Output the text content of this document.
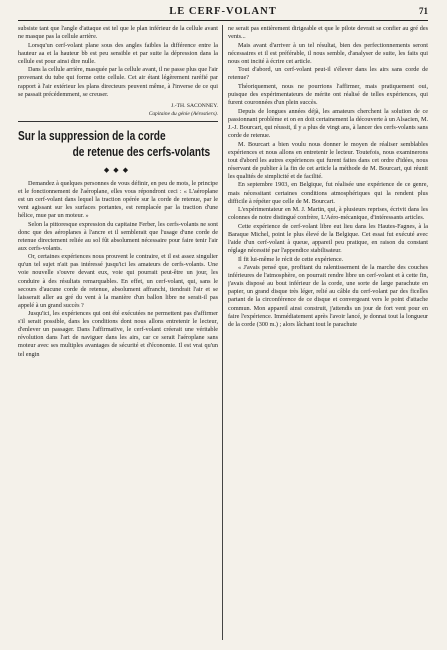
LE CERF-VOLANT	71

subsiste tant que l'angle d'attaque est tel que le plan inférieur de la cellule avant ne masque pas la cellule arrière.

Lorsqu'un cerf-volant plane sous des angles faibles la différence entre la hauteur aa et la hauteur bb est peu sensible et par suite la dépression dans la cellule est pour ainsi dire nulle.

Dans la cellule arrière, masquée par la cellule avant, il ne passe plus que l'air provenant du tube qui forme cette cellule. Cet air étant légèrement raréfié par rapport à l'air extérieur les plans directeurs peuvent même, à l'inverse de ce qui se passait précédemment, se creuser.

J.-TH. SACONNEY.
Capitaine du génie (Aérostiers).
Sur la suppression de la corde
de retenue des cerfs-volants
◆◆◆

Demandez à quelques personnes de vous définir, en peu de mots, le principe et le fonctionnement de l'aéroplane, elles vous répondront ceci : « L'aéroplane est un cerf-volant dans lequel la traction opérée sur la corde de retenue, par le vent agissant sur les surfaces portantes, est remplacée par la traction d'une hélice, mue par un moteur. »

Selon la pittoresque expression du capitaine Ferber, les cerfs-volants ne sont donc que des aéroplanes à l'ancre et il semblerait que l'usage d'une corde de retenue directement reliée au sol fût absolument nécessaire pour faire tenir l'air aux cerfs-volants.

Or, certaines expériences nous prouvent le contraire, et il est assez singulier qu'un tel sujet n'ait pas intéressé jusqu'ici les amateurs de cerfs-volants. Une voie nouvelle s'ouvre devant eux, voie qui pourrait peut-être un jour, les conduire à des résultats remarquables. En effet, un cerf-volant, qui, sans le secours d'aucune corde de retenue, absolument affranchi, tiendrait l'air et se laisserait aller au gré du vent à la manière d'un ballon libre ne serait-il pas appelé à un grand succès ?

Jusqu'ici, les expériences qui ont été exécutées ne permettent pas d'affirmer s'il serait possible, dans les conditions dont nous allons entretenir le lecteur, d'enlever un passager. Dans l'affirmative, le cerf-volant créerait une véritable révolution dans l'art de naviguer dans les airs, car ce serait l'aéroplane sans moteur avec ses multiples avantages de sécurité et d'économie. Il est vrai qu'un tel engin

ne serait pas entièrement dirigeable et que le pilote devrait se confier au gré des vents...

Mais avant d'arriver à un tel résultat, bien des perfectionnements seront nécessaires et il est préférable, il nous semble, d'analyser de suite, les faits qui nous ont incité à écrire cet article.

Tout d'abord, un cerf-volant peut-il s'élever dans les airs sans corde de retenue?

Théoriquement, nous ne pourrions l'affirmer, mais pratiquement oui, puisque des expérimentateurs de mérite ont réalisé de telles expériences, qui furent couronnées d'un plein succès.

Depuis de longues années déjà, les amateurs cherchent la solution de ce passionnant problème et on en doit certainement la découverte à un Alsacien, M. J.-J. Bourcart, qui réussit, il y a plus de vingt ans, à lancer des cerfs-volants sans corde de retenue.

M. Bourcart a bien voulu nous donner le moyen de réaliser semblables expériences et nous allons en entretenir le lecteur. Toutefois, nous examinerons tout d'abord les autres expériences qui furent faites dans cet ordre d'idées, nous réservant de publier à la fin de cet article la méthode de M. Bourcart, qui réunit les qualités de simplicité et de facilité.

En septembre 1903, en Belgique, fut réalisée une expérience de ce genre, mais nécessitant certaines conditions atmosphériques qui la rendent plus difficile à répéter que celle de M. Bourcart.

L'expérimentateur en M. J. Martin, qui, à plusieurs reprises, écrivit dans les colonnes de notre distingué confrère, L'Aéro-mécanique, d'intéressants articles.

Cette expérience de cerf-volant libre eut lieu dans les Hautes-Fagnes, à la Baraque Michel, point le plus élevé de la Belgique. Cet essai fut exécuté avec l'aide d'un cerf-volant à queue, appareil peu pratique, en raison du constant réglage nécessité par l'appendice stabilisateur.

Il fit lui-même le récit de cette expérience.

« J'avais pensé que, profitant du ralentissement de la marche des couches inférieures de l'atmosphère, on pourrait rendre libre un cerf-volant et à cette fin, j'avais disposé au bout inférieur de la corde, une sorte de large parachute en papier, un grand disque très léger, relié au câble du cerf-volant par des ficelles partant de la circonférence de ce disque et convergeant vers le point d'attache commun. Mon appareil ainsi construit, j'attendis un jour de fort vent pour en faire l'expérience. Immédiatement après l'avoir lancé, je donnai tout la longueur de la corde (300 m.) ; alors lâchant tout le parachute
